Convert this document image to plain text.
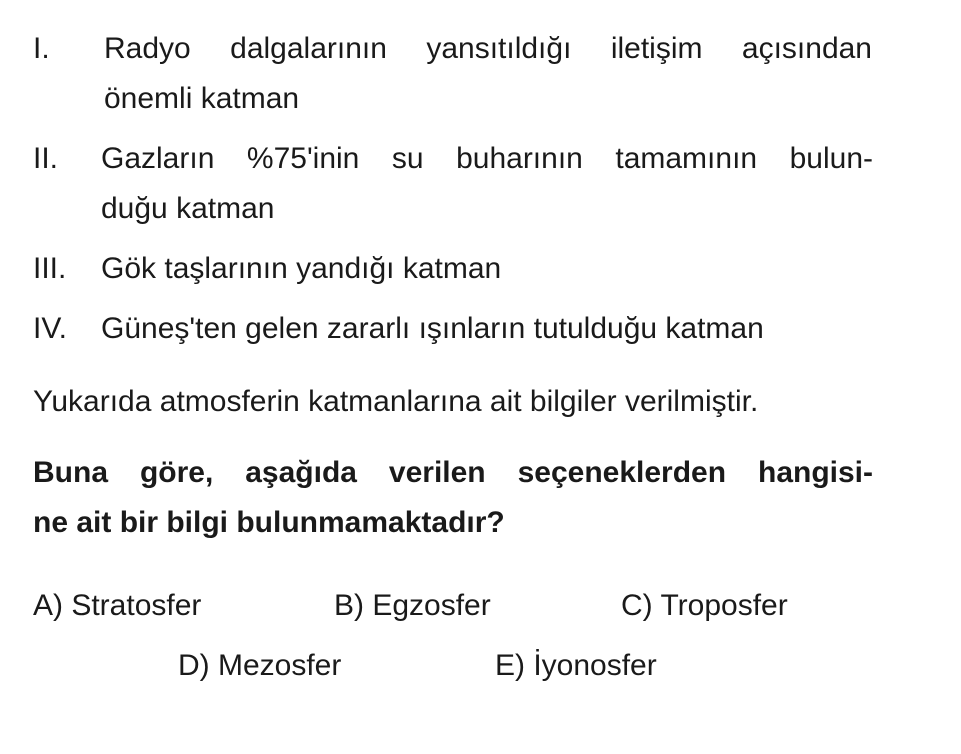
I. Radyo dalgalarının yansıtıldığı iletişim açısından
önemli katman
II. Gazların %75'inin su buharının tamamının bulun-
duğu katman
III. Gök taşlarının yandığı katman
IV. Güneş'ten gelen zararlı ışınların tutulduğu katman
Yukarıda atmosferin katmanlarına ait bilgiler verilmiştir.
Buna göre, aşağıda verilen seçeneklerden hangisi-
ne ait bir bilgi bulunmamaktadır?
A) Stratosfer	B) Egzosfer	C) Troposfer
D) Mezosfer	E) İyonosfer
